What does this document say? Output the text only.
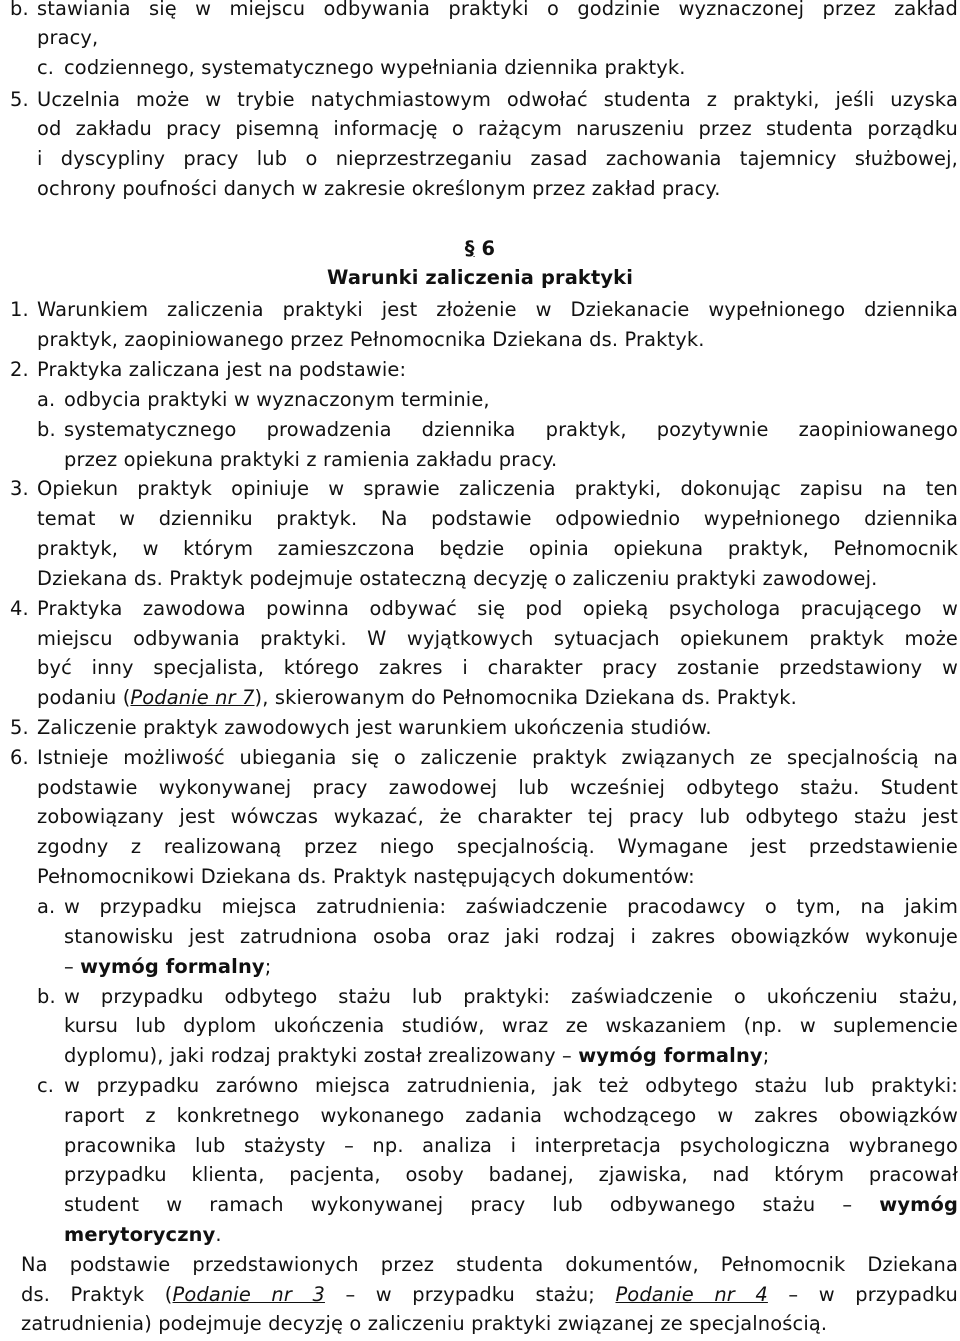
b. stawiania się w miejscu odbywania praktyki o godzinie wyznaczonej przez zakład
pracy,
c. codziennego, systematycznego wypełniania dziennika praktyk.
5. Uczelnia może w trybie natychmiastowym odwołać studenta z praktyki, jeśli uzyska
od zakładu pracy pisemną informację o rażącym naruszeniu przez studenta porządku
i dyscypliny pracy lub o nieprzestrzeganiu zasad zachowania tajemnicy służbowej,
ochrony poufności danych w zakresie określonym przez zakład pracy.
§ 6
Warunki zaliczenia praktyki
1. Warunkiem zaliczenia praktyki jest złożenie w Dziekanacie wypełnionego dziennika
praktyk, zaopiniowanego przez Pełnomocnika Dziekana ds. Praktyk.
2. Praktyka zaliczana jest na podstawie:
a. odbycia praktyki w wyznaczonym terminie,
b. systematycznego prowadzenia dziennika praktyk, pozytywnie zaopiniowanego
przez opiekuna praktyki z ramienia zakładu pracy.
3. Opiekun praktyk opiniuje w sprawie zaliczenia praktyki, dokonując zapisu na ten
temat w dzienniku praktyk. Na podstawie odpowiednio wypełnionego dziennika
praktyk, w którym zamieszczona będzie opinia opiekuna praktyk, Pełnomocnik
Dziekana ds. Praktyk podejmuje ostateczną decyzję o zaliczeniu praktyki zawodowej.
4. Praktyka zawodowa powinna odbywać się pod opieką psychologa pracującego w
miejscu odbywania praktyki. W wyjątkowych sytuacjach opiekunem praktyk może
być inny specjalista, którego zakres i charakter pracy zostanie przedstawiony w
podaniu (Podanie nr 7), skierowanym do Pełnomocnika Dziekana ds. Praktyk.
5. Zaliczenie praktyk zawodowych jest warunkiem ukończenia studiów.
6. Istnieje możliwość ubiegania się o zaliczenie praktyk związanych ze specjalnością na
podstawie wykonywanej pracy zawodowej lub wcześniej odbytego stażu. Student
zobowiązany jest wówczas wykazać, że charakter tej pracy lub odbytego stażu jest
zgodny z realizowaną przez niego specjalnością. Wymagane jest przedstawienie
Pełnomocnikowi Dziekana ds. Praktyk następujących dokumentów:
a. w przypadku miejsca zatrudnienia: zaświadczenie pracodawcy o tym, na jakim
stanowisku jest zatrudniona osoba oraz jaki rodzaj i zakres obowiązków wykonuje
– wymóg formalny;
b. w przypadku odbytego stażu lub praktyki: zaświadczenie o ukończeniu stażu,
kursu lub dyplom ukończenia studiów, wraz ze wskazaniem (np. w suplemencie
dyplomu), jaki rodzaj praktyki został zrealizowany – wymóg formalny;
c. w przypadku zarówno miejsca zatrudnienia, jak też odbytego stażu lub praktyki:
raport z konkretnego wykonanego zadania wchodzącego w zakres obowiązków
pracownika lub stażysty – np. analiza i interpretacja psychologiczna wybranego
przypadku klienta, pacjenta, osoby badanej, zjawiska, nad którym pracował
student w ramach wykonywanej pracy lub odbywanego stażu – wymóg
merytoryczny.
Na podstawie przedstawionych przez studenta dokumentów, Pełnomocnik Dziekana
ds. Praktyk (Podanie nr 3 – w przypadku stażu; Podanie nr 4 – w przypadku
zatrudnienia) podejmuje decyzję o zaliczeniu praktyki związanej ze specjalnością.
